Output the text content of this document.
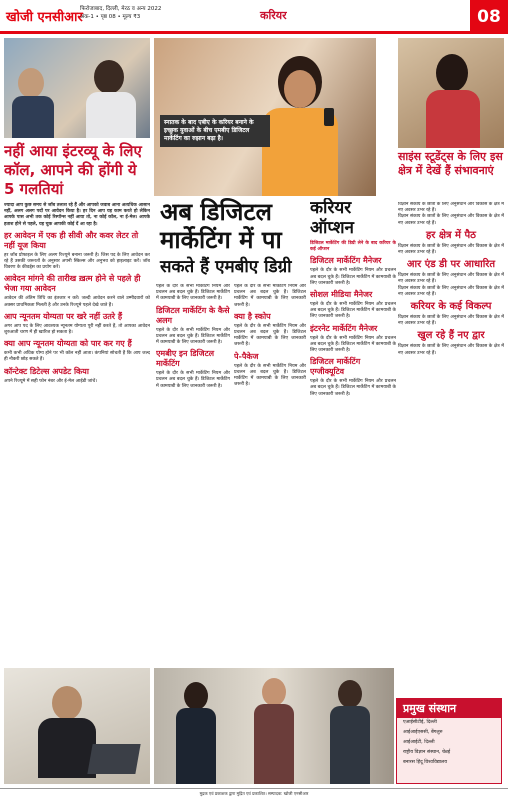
खोजी एनसीआर
फिरोजाबाद, दिल्ली, मेरठ व अन्य 2022
अंक-1 • पृष्ठ 08 • मूल्य ₹3	करियर	08
नहीं आया इंटरव्यू के लिए कॉल, आपने की होंगी ये 5 गलतियां
ज्यादा आप कुछ समय से जॉब तलाश रहे हैं और आपको जवाब आना अत्यधिक आसान नहीं, अलग अलग पदों पर आवेदन किया है। हर दिन आप यह काम करते हो लेकिन आपके पास अभी तक कोई रिस्पॉन्स नहीं आया तो, ना कोई कॉल, ना ई-मेल। आपके हताश होने से पहले, यह चुक आपकी कोई दें आ रहा है।
हर आवेदन में एक ही सीवी और कवर लेटर तो नहीं यूज किया
हर जॉब प्रोफाइल के लिए अलग रिज्यूमे बनाना जरूरी है। जिस पद के लिए आवेदन कर रहे हैं उसकी जरूरतों के अनुसार अपनी स्किल्स और अनुभव को हाइलाइट करें। जॉब विवरण के कीवर्ड्स का प्रयोग करें।
आवेदन मांगने की तारीख ख़त्म होने से पहले ही भेजा गया आवेदन
आवेदन की अंतिम तिथि का इंतजार न करें। जल्दी आवेदन करने वाले उम्मीदवारों को अक्सर प्राथमिकता मिलती है और उनके रिज्यूमे पहले देखे जाते हैं।
आप न्यूनतम योग्यता पर खरे नहीं उतरे हैं
अगर आप पद के लिए आवश्यक न्यूनतम योग्यता पूरी नहीं करते हैं, तो आपका आवेदन शुरुआती चरण में ही खारिज हो सकता है।
क्या आप न्यूनतम योग्यता को पार कर गए हैं
कभी कभी अधिक योग्य होने पर भी कॉल नहीं आता। कंपनियां सोचती हैं कि आप जल्द ही नौकरी छोड़ सकते हैं।
कॉन्टेक्ट डिटेल्स अपडेट किया
अपने रिज्यूमे में सही फोन नंबर और ई-मेल आईडी जांचें।
स्नातक के बाद एबीए के करियर बनाने के इच्छुक युवाओं के बीच एमबीए डिजिटल मार्केटिंग का रुझान बढ़ा है।
अब डिजिटल
मार्केटिंग में पा
सकते हैं एमबीए डिग्री
पहले के दौर के सभी मार्केटिंग नियम और प्रचलन अब बदल चुके हैं। डिजिटल मार्केटिंग में कामयाबी के लिए जानकारी जरूरी है।
डिजिटल मार्केटिंग के कैसे अलग
पहले के दौर के सभी मार्केटिंग नियम और प्रचलन अब बदल चुके हैं। डिजिटल मार्केटिंग में कामयाबी के लिए जानकारी जरूरी है।
एमबीए इन डिजिटल मार्केटिंग
पहले के दौर के सभी मार्केटिंग नियम और प्रचलन अब बदल चुके हैं। डिजिटल मार्केटिंग में कामयाबी के लिए जानकारी जरूरी है।
पहले के दौर के सभी मार्केटिंग नियम और प्रचलन अब बदल चुके हैं। डिजिटल मार्केटिंग में कामयाबी के लिए जानकारी जरूरी है।
क्या है स्कोप
पहले के दौर के सभी मार्केटिंग नियम और प्रचलन अब बदल चुके हैं। डिजिटल मार्केटिंग में कामयाबी के लिए जानकारी जरूरी है।
पे-पैकेज
पहले के दौर के सभी मार्केटिंग नियम और प्रचलन अब बदल चुके हैं। डिजिटल मार्केटिंग में कामयाबी के लिए जानकारी जरूरी है।
करियर
ऑप्शन
डिजिटल मार्केटिंग की डिग्री लेने के बाद करियर के कई ऑप्शन
डिजिटल मार्केटिंग मैनेजर
पहले के दौर के सभी मार्केटिंग नियम और प्रचलन अब बदल चुके हैं। डिजिटल मार्केटिंग में कामयाबी के लिए जानकारी जरूरी है।
सोशल मीडिया मैनेजर
पहले के दौर के सभी मार्केटिंग नियम और प्रचलन अब बदल चुके हैं। डिजिटल मार्केटिंग में कामयाबी के लिए जानकारी जरूरी है।
इंटरनेट मार्केटिंग मैनेजर
पहले के दौर के सभी मार्केटिंग नियम और प्रचलन अब बदल चुके हैं। डिजिटल मार्केटिंग में कामयाबी के लिए जानकारी जरूरी है।
डिजिटल मार्केटिंग एग्जीक्यूटिव
पहले के दौर के सभी मार्केटिंग नियम और प्रचलन अब बदल चुके हैं। डिजिटल मार्केटिंग में कामयाबी के लिए जानकारी जरूरी है।
साइंस स्टूडेंट्स के लिए इस क्षेत्र में देखें हैं संभावनाएं
विज्ञान संकाय के छात्रों के लिए अनुसंधान और विकास के क्षेत्र में नए अवसर उभर रहे हैं।
विज्ञान संकाय के छात्रों के लिए अनुसंधान और विकास के क्षेत्र में नए अवसर उभर रहे हैं।
हर क्षेत्र में पैठ
विज्ञान संकाय के छात्रों के लिए अनुसंधान और विकास के क्षेत्र में नए अवसर उभर रहे हैं।
आर एंड डी पर आधारित
विज्ञान संकाय के छात्रों के लिए अनुसंधान और विकास के क्षेत्र में नए अवसर उभर रहे हैं।
विज्ञान संकाय के छात्रों के लिए अनुसंधान और विकास के क्षेत्र में नए अवसर उभर रहे हैं।
करियर के कई विकल्प
विज्ञान संकाय के छात्रों के लिए अनुसंधान और विकास के क्षेत्र में नए अवसर उभर रहे हैं।
खुल रहे हैं नए द्वार
विज्ञान संकाय के छात्रों के लिए अनुसंधान और विकास के क्षेत्र में नए अवसर उभर रहे हैं।
प्रमुख संस्थान
एआईसीटीई, दिल्ली
आईआईएससी, बेंगलुरु
आईआईटी, दिल्ली
राष्ट्रीय विज्ञान संस्थान, चेन्नई
बनारस हिंदू विश्वविद्यालय
मुद्रक एवं प्रकाशक द्वारा मुद्रित एवं प्रकाशित। सम्पादक: खोजी एनसीआर
